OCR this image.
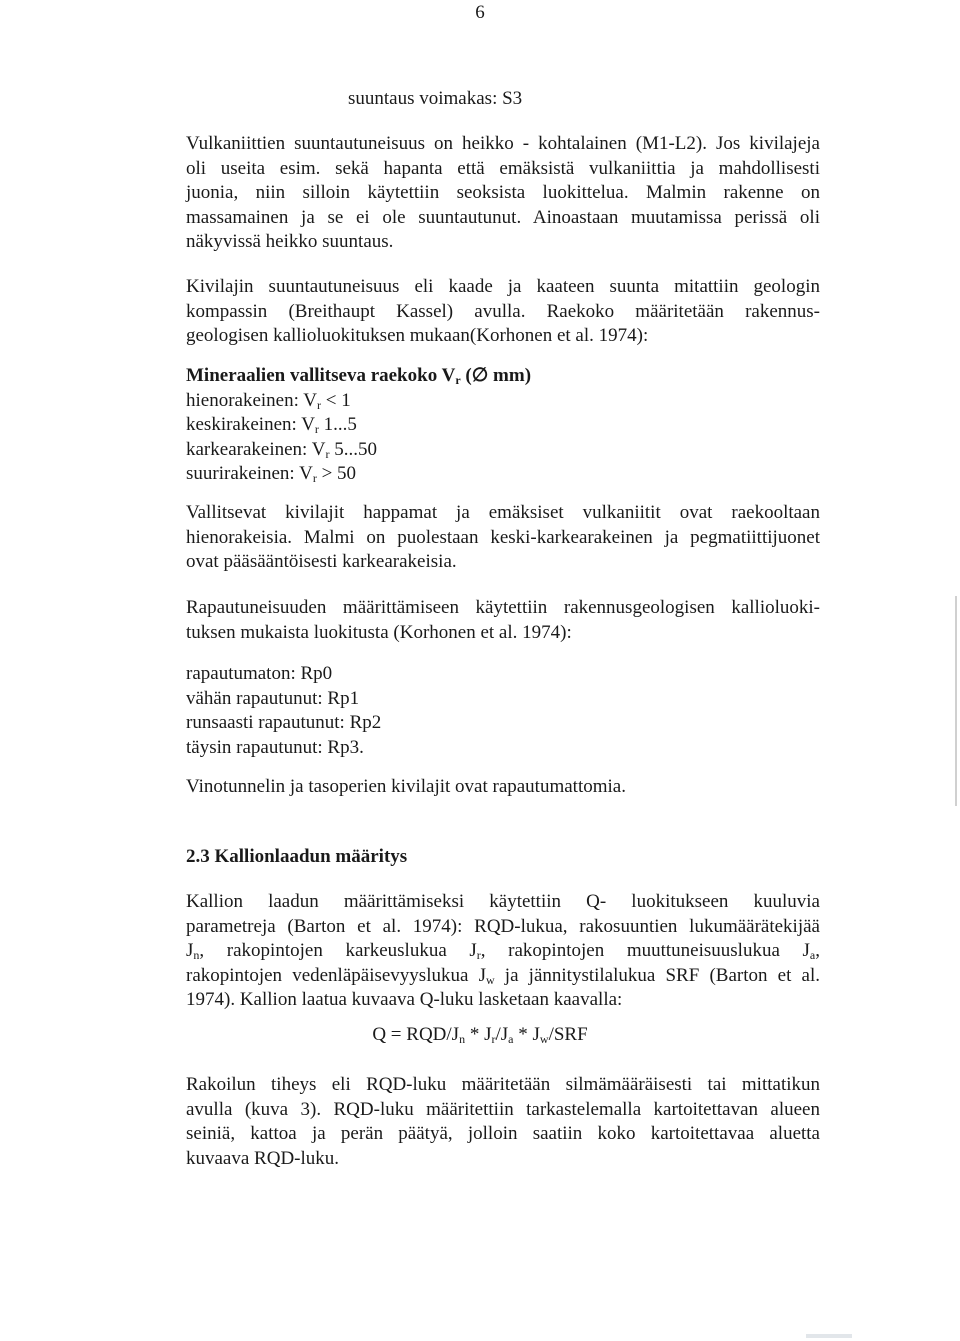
6
suuntaus voimakas: S3
Vulkaniittien suuntautuneisuus on heikko - kohtalainen (M1-L2). Jos kivilajeja
oli useita esim. sekä hapanta että emäksistä vulkaniittia ja mahdollisesti
juonia, niin silloin käytettiin seoksista luokittelua. Malmin rakenne on
massamainen ja se ei ole suuntautunut. Ainoastaan muutamissa perissä oli
näkyvissä heikko suuntaus.
Kivilajin suuntautuneisuus eli kaade ja kaateen suunta mitattiin geologin
kompassin (Breithaupt Kassel) avulla. Raekoko määritetään rakennus-
geologisen kallioluokituksen mukaan(Korhonen et al. 1974):
Mineraalien vallitseva raekoko $V_r$ (∅ mm)
hienorakeinen: $V_r < 1$
keskirakeinen: $V_r$ 1...5
karkearakeinen: $V_r$ 5...50
suurirakeinen: $V_r > 50$
Vallitsevat kivilajit happamat ja emäksiset vulkaniitit ovat raekooltaan
hienorakeisia. Malmi on puolestaan keski-karkearakeinen ja pegmatiittijuonet
ovat pääsääntöisesti karkearakeisia.
Rapautuneisuuden määrittämiseen käytettiin rakennusgeologisen kallioluoki-
tuksen mukaista luokitusta (Korhonen et al. 1974):
rapautumaton: Rp0
vähän rapautunut: Rp1
runsaasti rapautunut: Rp2
täysin rapautunut: Rp3.
Vinotunnelin ja tasoperien kivilajit ovat rapautumattomia.
2.3 Kallionlaadun määritys
Kallion laadun määrittämiseksi käytettiin Q- luokitukseen kuuluvia
parametreja (Barton et al. 1974): RQD-lukua, rakosuuntien lukumäärätekijää
$J_n$, rakopintojen karkeuslukua $J_r$, rakopintojen muuttuneisuuslukua $J_a$,
rakopintojen vedenläpäisevyyslukua $J_w$ ja jännitystilalukua SRF (Barton et al.
1974). Kallion laatua kuvaava Q-luku lasketaan kaavalla:
Q = RQD/$J_n * J_r/J_a * J_w/SRF$
Rakoilun tiheys eli RQD-luku määritetään silmämääräisesti tai mittatikun
avulla (kuva 3). RQD-luku määritettiin tarkastelemalla kartoitettavan alueen
seiniä, kattoa ja perän päätyä, jolloin saatiin koko kartoitettavaa aluetta
kuvaava RQD-luku.
